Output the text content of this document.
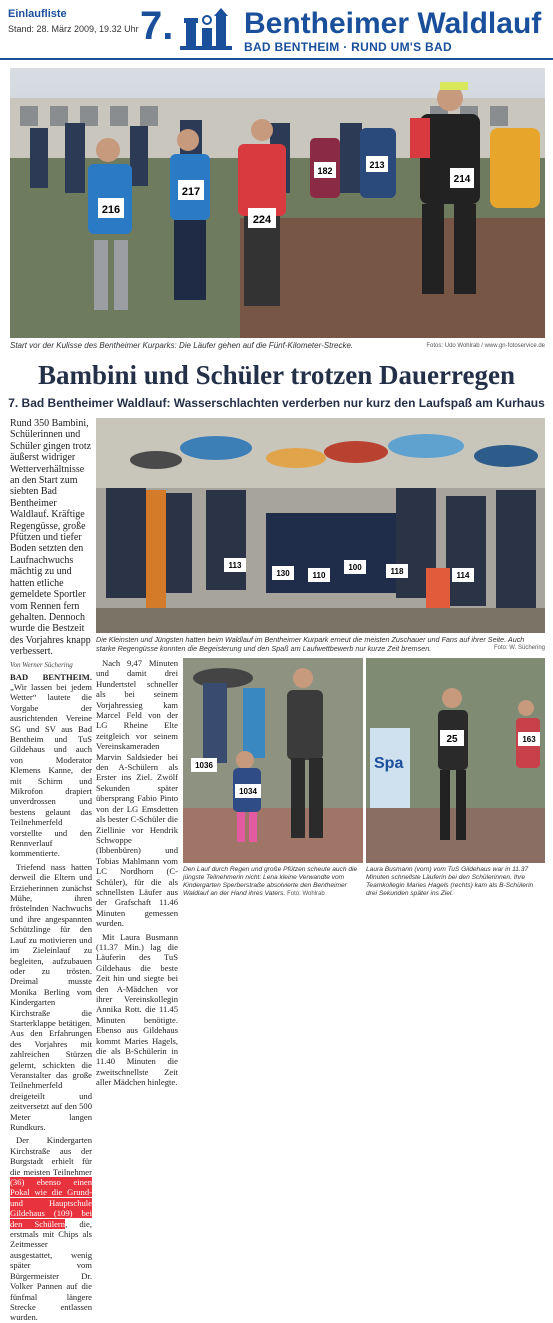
Einlaufliste
Stand: 28. März 2009, 19.32 Uhr 7. Bentheimer Waldlauf
BAD BENTHEIM · RUND UM'S BAD
216
217
224
214
213
182
Start vor der Kulisse des Bentheimer Kurparks: Die Läufer gehen auf die Fünf-Kilometer-Strecke.	Fotos: Udo Wohlrab / www.gn-fotoservice.de
Bambini und Schüler trotzen Dauerregen
7. Bad Bentheimer Waldlauf: Wasserschlachten verderben nur kurz den Laufspaß am Kurhaus

Rund 350 Bambini, Schülerinnen und Schüler gingen trotz äußerst widriger Wetterverhältnisse an den Start zum siebten Bad Bentheimer Waldlauf. Kräftige Regengüsse, große Pfützen und tiefer Boden setzten den Laufnachwuchs mächtig zu und hatten etliche gemeldete Sportler vom Rennen fern gehalten. Dennoch wurde die Bestzeit des Vorjahres knapp verbessert.

Von Werner Süchering

BAD BENTHEIM. „Wir lassen bei jedem Wetter“ lautete die Vorgabe der ausrichtenden Vereine SG und SV aus Bad Bentheim und TuS Gildehaus und auch von Moderator Klemens Kanne, der mit Schirm und Mikrofon drapiert unverdrossen und bestens gelaunt das Teilnehmerfeld vorstellte und den Rennverlauf kommentierte.

Triefend nass hatten derweil die Eltern und Erzieherinnen zunächst Mühe, ihren fröstelnden Nachwuchs und ihre angespannten Schützlinge für den Lauf zu motivieren und im Zieleinlauf zu begleiten, aufzubauen oder zu trösten. Dreimal musste Monika Berling vom Kindergarten Kirchstraße die Starterklappe betätigen. Aus den Erfahrungen des Vorjahres mit zahlreichen Stürzen gelernt, schickten die Veranstalter das große Teilnehmerfeld dreigeteilt und zeitversetzt auf den 500 Meter langen Rundkurs.

Der Kindergarten Kirchstraße aus der Burgstadt erhielt für die meisten Teilnehmer (36) ebenso einen Pokal wie die Grund- und Hauptschule Gildehaus (109) bei den Schülern, die, erstmals mit Chips als Zeitmesser ausgestattet, wenig später vom Bürgermeister Dr. Volker Pannen auf die fünfmal längere Strecke entlassen wurden.

113
130	110
100	118	114
Die Kleinsten und Jüngsten hatten beim Waldlauf im Bentheimer Kurpark erneut die meisten Zuschauer und Fans auf ihrer Seite. Auch starke Regengüsse konnten die Begeisterung und den Spaß am Laufwettbewerb nur kurze Zeit bremsen.	Foto: W. Süchering

Nach 9,47 Minuten und damit drei Hundertstel schneller als bei seinem Vorjahressieg kam Marcel Feld von der LG Rheine Elte zeitgleich vor seinem Vereinskameraden Marvin Saldsieder bei den A-Schülern als Erster ins Ziel. Zwölf Sekunden später übersprang Fabio Pinto von der LG Emsdetten als bester C-Schüler die Ziellinie vor Hendrik Schwoppe (Ibbenbüren) und Tobias Mahlmann vom LC Nordhorn (C-Schüler), für die als schnellsten Läufer aus der Grafschaft 11.46 Minuten gemessen wurden.

Mit Laura Busmann (11.37 Min.) lag die Läuferin des TuS Gildehaus die beste Zeit hin und siegte bei den A-Mädchen vor ihrer Vereinskollegin Annika Rott. die 11.45 Minuten benötigte. Ebenso aus Gildehaus kommt Maries Hagels, die als B-Schülerin in 11.40 Minuten die zweitschnellste Zeit aller Mädchen hinlegte.

1034
1036
Den Lauf durch Regen und große Pfützen scheute auch die jüngste Teilnehmerin nicht: Lena kleine Verwandte vom Kindergarten Sperberstraße absolvierte den Bentheimer Waldlauf an der Hand ihres Vaters. Foto: Wohlrab
Spa
25	163
Laura Busmann (vorn) vom TuS Gildehaus war in 11.37 Minuten schnellste Läuferin bei den Schülerinnen. Ihre Teamkollegin Maries Hagels (rechts) kam als B-Schülerin drei Sekunden später ins Ziel.
